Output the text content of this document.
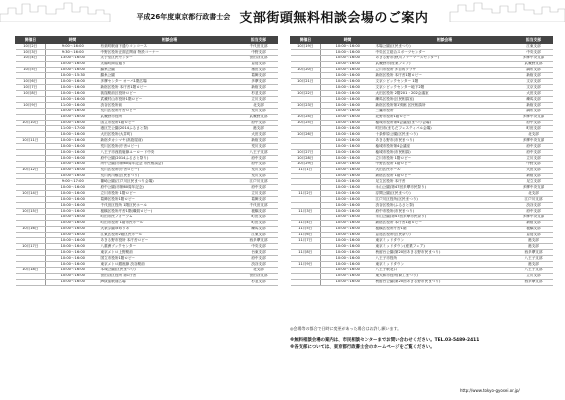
平成26年度東京都行政書士会 支部街頭無料相談会場のご案内
開催日	時間	相談会場	担当支部
10月2日	9:00〜16:00	有楽町駅前下通りコンコース	千代田支部
10月3日	9:30〜16:00	中野区役所正面玄関前 特設コーナー	中野支部
10月4日	13:00〜16:00	太子堂区民センター	世田谷支部
	10:00〜16:00	太陽町商店通り	豊島支部
10月5日	10:00〜16:00	錦糸公園	墨田支部
	10:00〜15:30	錦糸公園	葛飾支部
10月6日	10:00〜16:00	多摩センター オーパ1階広場	多摩支部
10月7日	10:00〜16:00	新宿区役所 本庁舎1階ロビー	新宿支部
10月8日	10:00〜16:00	荻窪駅前区役所ロビー	杉並支部
	10:00〜16:00	武蔵村山市役所1階ロビー	立川支部
10月9日	11:00〜16:00	渋谷区役所前	北支部
	10:00〜16:00	荒川区役所庁舎ロビー	荒川支部
	10:00〜16:00	武蔵野市役所	武蔵野支部
10月10日	10:00〜16:00	国立市役所1階ロビー	府中支部
	11:00〜17:00	港区芝公園(2014ふるさと祭)	港支部
	10:00〜16:00	大田区役所(大井町)	大田支部
10月11日	10:00〜16:00	新宿タカシマヤ(高島屋前)	新宿支部
	10:00〜16:00	荒川区役所(庁舎ロビー)	荒川支部
	10:00〜16:00	八王子市西放射線ユーロード中央	八王子支部
	10:00〜16:00	府中公園(2014ふるさと祭り)	府中支部
	10:00〜16:00	所中公園(市制60周年記念 市民相談会)	府中支部
10月12日	10:00〜16:00	荒川区役所(庁舎ロビー)	荒川支部
	10:00〜16:00	荒川河川敷(区民まつり)	荒川支部
	9:00〜17:00	篠崎公園(江戸川区民まつり会場)	江戸川支部
	10:00〜16:00	府中公園(市制60周年記念)	府中支部
10月14日	10:00〜16:00	立川市役所 1階ロビー	立川支部
	10:00〜16:00	葛飾区役所1階ロビー	葛飾支部
	10:00〜16:00	千代田区役所 1階区民ホール	千代田支部
10月15日	10:00〜16:00	板橋区役所庁舎1階(職員ロビー)	板橋支部
	10:00〜16:00	町田市民フォーラム	町田支部
	10:00〜16:00	町田市役所 1階市民ホール	町田支部
10月16日	10:00〜16:00	大泉学園ゆめりあ	練馬支部
	10:00〜16:00	江東区役所2階区民ホール	江東支部
	10:00〜16:00	あきる野市役所 本庁舎ロビー	西多摩支部
10月17日	10:00〜16:00	八重洲ブックセンター	中央支部
	10:00〜16:00	東京メトロ上野駅前	台東支部
	10:00〜16:00	国立市役所1階ロビー	府中支部
	10:00〜16:00	東京メトロ銀座線 渋谷駅前	渋谷支部
10月18日	10:00〜16:00	本城公園(区民まつり)	北支部
	10:00〜16:00	世田谷区役所 第1庁舎	世田谷支部
	10:00〜16:00	JR荻窪駅前広場	杉並支部
開催日	時間	相談会場	担当支部
10月19日	10:00〜16:00	木場公園(区民まつり)	江東支部
	10:00〜16:00	中央区立総合スポーツセンター	中央支部
	10:00〜16:00	あきる野市(秋川ファーマーズセンター)	多摩中央支部
	10:00〜16:00	武蔵野市(産業フェア)	武蔵野支部
10月20日	10:00〜16:00	立川市役所 多目的プラザ	調布支部
	10:00〜16:00	新宿区役所 本庁舎1階ロビー	新宿支部
10月21日	10:00〜16:00	文京シビックセンター 1階	文京支部
	10:00〜16:00	文京シビックセンター地下2階	文京支部
10月22日	10:00〜16:00	大田区役所 2階201・202会議室	大田支部
	10:00〜16:00	練馬区役所(区民相談室)	練馬支部
10月23日	10:00〜16:00	新宿区役所第1別館 区民相談所	新宿支部
	10:00〜16:00	三鷹市役所	調布支部
10月24日	10:00〜16:00	北野市役所1階ロビー	多摩中央支部
10月25日	10:00〜16:00	稲城市役所第4会議室(まつり会場)	府中支部
	10:00〜16:00	町田市(まちだフェスティバル会場)	町田支部
10月26日	10:00〜16:00	十条仲原公園(区民まつり)	北支部
	10:00〜16:00	あきる野市(市民まつり)	多摩中央支部
	10:00〜16:00	稲城市役所第4会議室	府中支部
10月27日	10:00〜16:00	稲城市役所(市民相談)	府中支部
10月28日	10:00〜16:00	立川市役所 1階ロビー	立川支部
10月29日	10:00〜16:00	中野区役所 1階ロビー	中野支部
11月1日	10:00〜16:00	大田区民ホール	大田支部
	10:00〜16:00	新宿区役所 1階ロビー	新宿支部
	10:00〜16:00	足立区役所 本庁舎	足立支部
	10:00〜16:00	永山公園(第47回多摩市民祭り)	多摩中央支部
11月2日	10:00〜16:00	浮間公園(区民まつり)	北支部
	10:00〜16:00	江戸川区役所(区民まつり)	江戸川支部
	10:00〜16:00	渋谷区役所(ふるさと祭)	渋谷支部
11月3日	10:00〜16:00	府中市役所(市民まつり)	府中支部
	10:00〜16:00	永山公園(第47回多摩市民祭り)	多摩中央支部
11月4日	10:00〜16:00	新宿区役所 本庁舎1階ロビー	新宿支部
11月5日	10:00〜16:00	板橋区役所庁舎1階	板橋支部
11月6日	10:00〜16:00	豊島区役所(区民祭り)	豊島支部
11月7日	10:00〜16:00	東京ミッドタウン	港支部
	10:00〜16:00	東京ミッドタウン(産業フェア)	港支部
11月8日	10:00〜16:00	秋留台公園(第20回あきる野市民まつり)	西多摩支部
	10:00〜16:00	八王子市役所	八王子支部
11月9日	10:00〜16:00	東京ミッドタウン	港支部
	10:00〜16:00	八王子駅北口	八王子支部
	10:00〜16:00	東大和市役所(商工まつり)	立川支部
	10:00〜16:00	秋留台公園(第20回あきる野市民まつり)	西多摩支部
◎会場等の都合で日時に変更があった場合はお許し願います。
※無料相談会場の案内は、市民相談センターまでお問い合わせください。TEL.03-5489-2411
※各支部については、東京都行政書士会のホームページをご覧ください。
http://www.tokyo-gyosei.or.jp/
